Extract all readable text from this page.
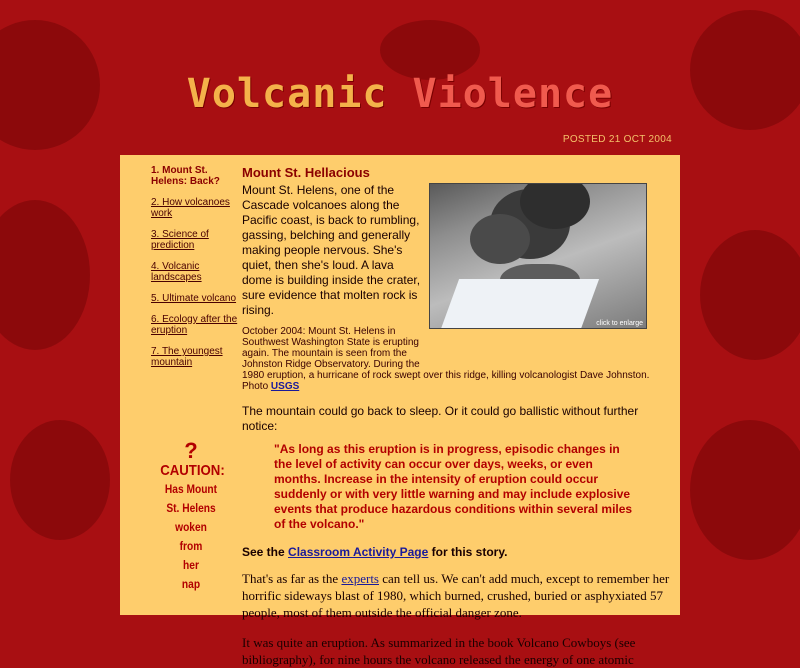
Volcanic Violence
POSTED 21 OCT 2004
1. Mount St. Helens: Back?
2. How volcanoes work
3. Science of prediction
4. Volcanic landscapes
5. Ultimate volcano
6. Ecology after the eruption
7. The youngest mountain
?
CAUTION:
Has Mount
St. Helens
woken
from
her
nap
Mount St. Hellacious
click to enlarge

Mount St. Helens, one of the Cascade volcanoes along the Pacific coast, is back to rumbling, gassing, belching and generally making people nervous. She's quiet, then she's loud. A lava dome is building inside the crater, sure evidence that molten rock is rising.

October 2004: Mount St. Helens in Southwest Washington State is erupting again. The mountain is seen from the Johnston Ridge Observatory. During the
1980 eruption, a hurricane of rock swept over this ridge, killing volcanologist Dave Johnston. Photo USGS

The mountain could go back to sleep. Or it could go ballistic without further notice:

"As long as this eruption is in progress, episodic changes in the level of activity can occur over days, weeks, or even months. Increase in the intensity of eruption could occur suddenly or with very little warning and may include explosive events that produce hazardous conditions within several miles of the volcano."

See the Classroom Activity Page for this story.

That's as far as the experts can tell us. We can't add much, except to remember her horrific sideways blast of 1980, which burned, crushed, buried or asphyxiated 57 people, most of them outside the official danger zone.

It was quite an eruption. As summarized in the book Volcano Cowboys (see bibliography), for nine hours the volcano released the energy of one atomic
